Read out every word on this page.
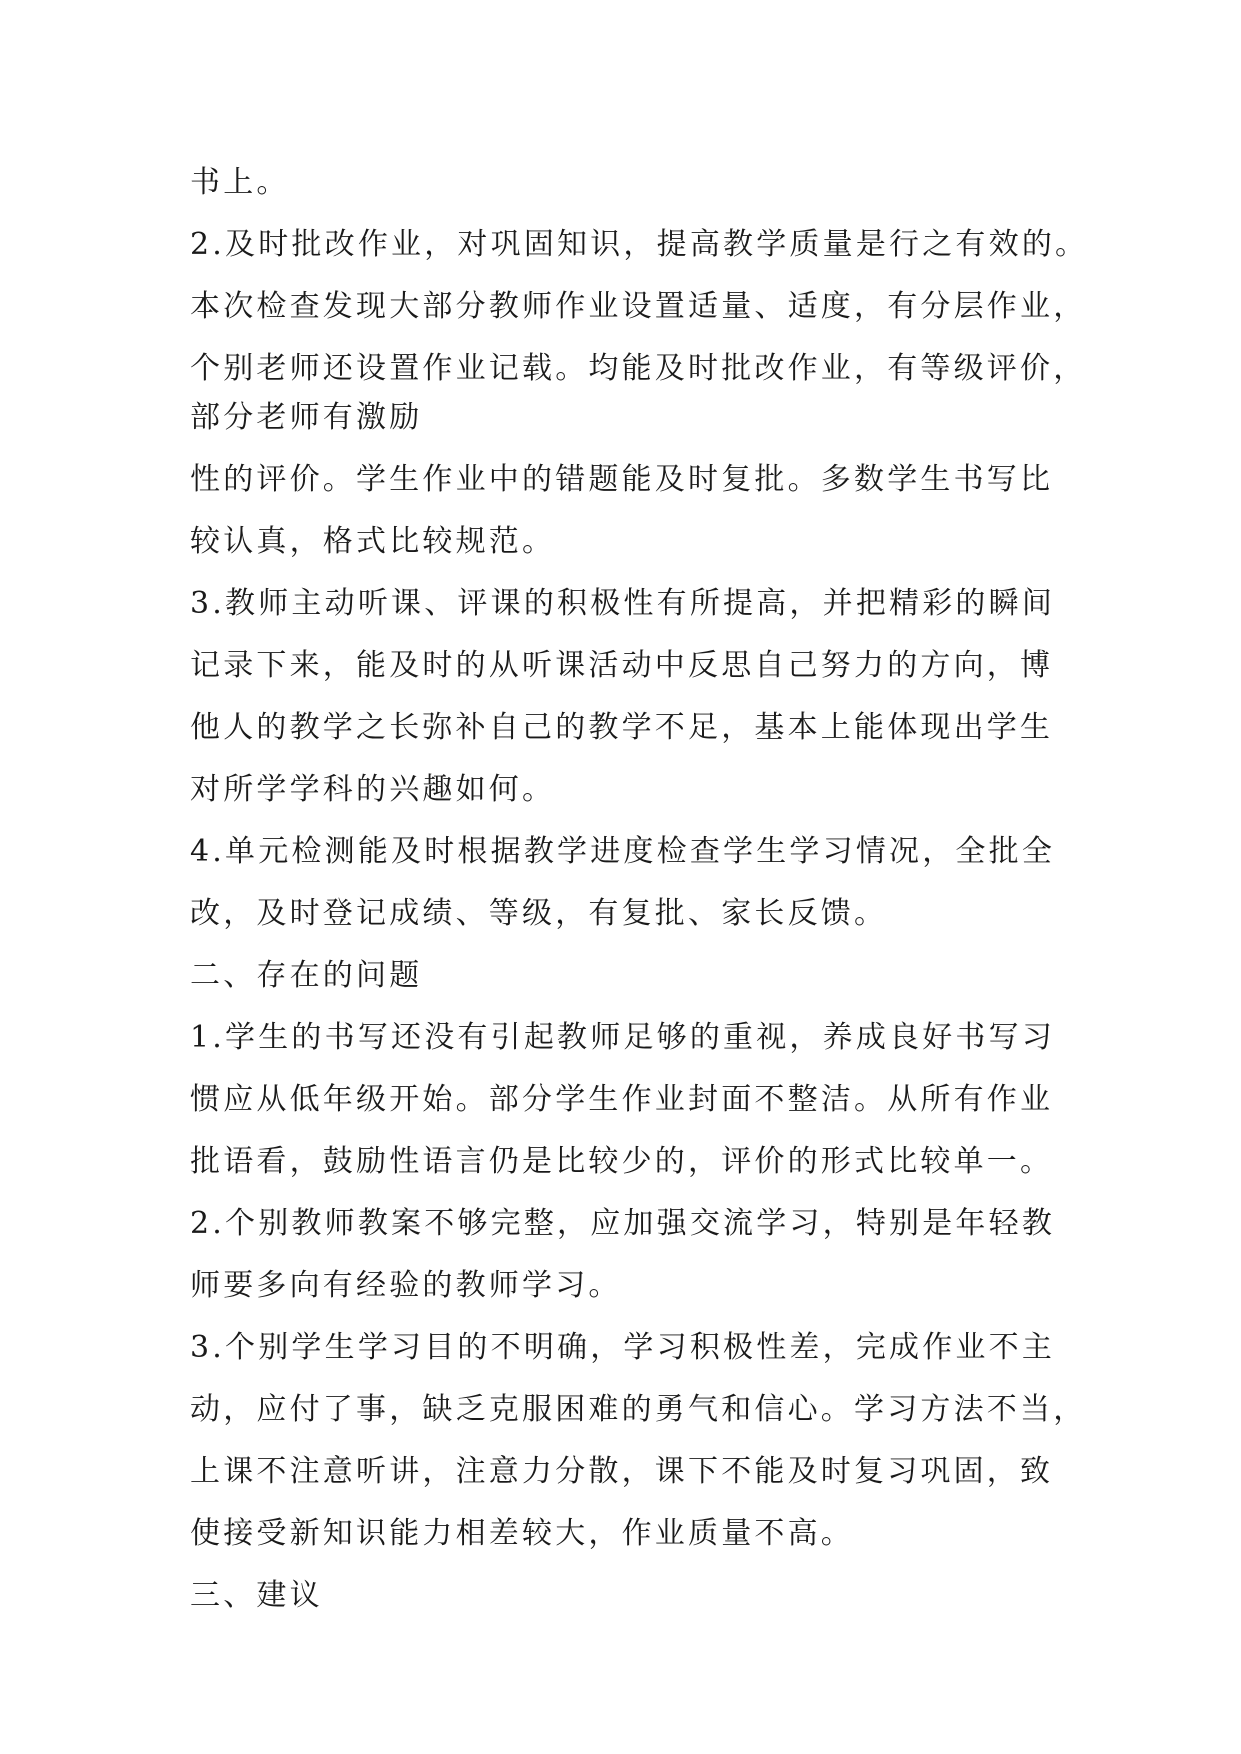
书上。
2.及时批改作业，对巩固知识，提高教学质量是行之有效的。
本次检查发现大部分教师作业设置适量、适度，有分层作业，
个别老师还设置作业记载。均能及时批改作业，有等级评价，
部分老师有激励
性的评价。学生作业中的错题能及时复批。多数学生书写比
较认真，格式比较规范。
3.教师主动听课、评课的积极性有所提高，并把精彩的瞬间
记录下来，能及时的从听课活动中反思自己努力的方向，博
他人的教学之长弥补自己的教学不足，基本上能体现出学生
对所学学科的兴趣如何。
4.单元检测能及时根据教学进度检查学生学习情况，全批全
改，及时登记成绩、等级，有复批、家长反馈。
二、存在的问题
1.学生的书写还没有引起教师足够的重视，养成良好书写习
惯应从低年级开始。部分学生作业封面不整洁。从所有作业
批语看，鼓励性语言仍是比较少的，评价的形式比较单一。
2.个别教师教案不够完整，应加强交流学习，特别是年轻教
师要多向有经验的教师学习。
3.个别学生学习目的不明确，学习积极性差，完成作业不主
动，应付了事，缺乏克服困难的勇气和信心。学习方法不当，
上课不注意听讲，注意力分散，课下不能及时复习巩固，致
使接受新知识能力相差较大，作业质量不高。
三、建议
